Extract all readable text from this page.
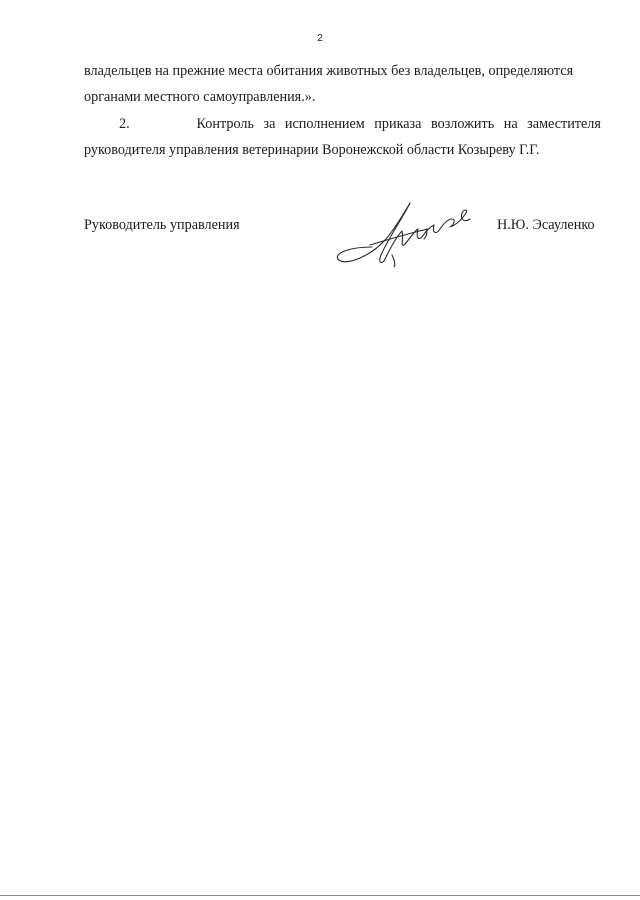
2
владельцев на прежние места обитания животных без владельцев, определяются
органами местного самоуправления.».
2.	Контроль за исполнением приказа возложить на заместителя
руководителя управления ветеринарии Воронежской области Козыреву Г.Г.
Руководитель управления	Н.Ю. Эсауленко
